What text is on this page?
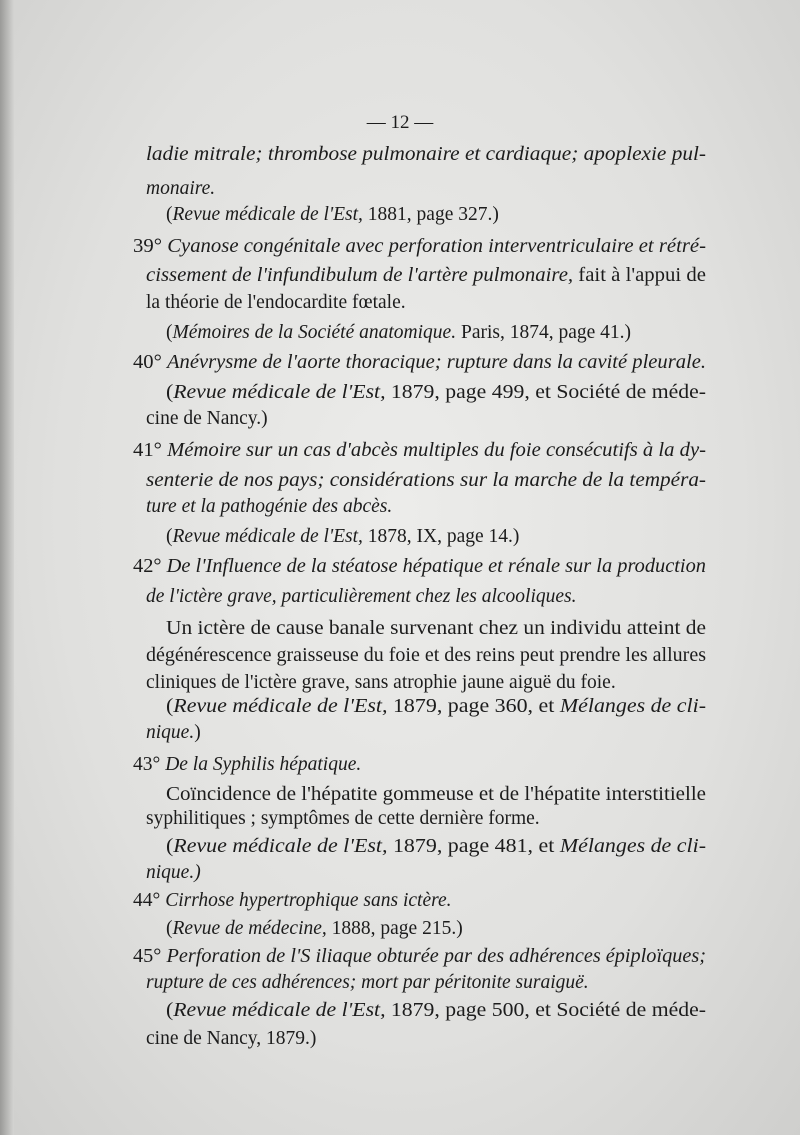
— 12 —
ladie mitrale; thrombose pulmonaire et cardiaque; apoplexie pul-
monaire.
(Revue médicale de l'Est, 1881, page 327.)
39° Cyanose congénitale avec perforation interventriculaire et rétré-
cissement de l'infundibulum de l'artère pulmonaire, fait à l'appui de
la théorie de l'endocardite fœtale.
(Mémoires de la Société anatomique. Paris, 1874, page 41.)
40° Anévrysme de l'aorte thoracique; rupture dans la cavité pleurale.
(Revue médicale de l'Est, 1879, page 499, et Société de méde-
cine de Nancy.)
41° Mémoire sur un cas d'abcès multiples du foie consécutifs à la dy-
senterie de nos pays; considérations sur la marche de la tempéra-
ture et la pathogénie des abcès.
(Revue médicale de l'Est, 1878, IX, page 14.)
42° De l'Influence de la stéatose hépatique et rénale sur la production
de l'ictère grave, particulièrement chez les alcooliques.
Un ictère de cause banale survenant chez un individu atteint de
dégénérescence graisseuse du foie et des reins peut prendre les allures
cliniques de l'ictère grave, sans atrophie jaune aiguë du foie.
(Revue médicale de l'Est, 1879, page 360, et Mélanges de cli-
nique.)
43° De la Syphilis hépatique.
Coïncidence de l'hépatite gommeuse et de l'hépatite interstitielle
syphilitiques ; symptômes de cette dernière forme.
(Revue médicale de l'Est, 1879, page 481, et Mélanges de cli-
nique.)
44° Cirrhose hypertrophique sans ictère.
(Revue de médecine, 1888, page 215.)
45° Perforation de l'S iliaque obturée par des adhérences épiploïques;
rupture de ces adhérences; mort par péritonite suraiguë.
(Revue médicale de l'Est, 1879, page 500, et Société de méde-
cine de Nancy, 1879.)
